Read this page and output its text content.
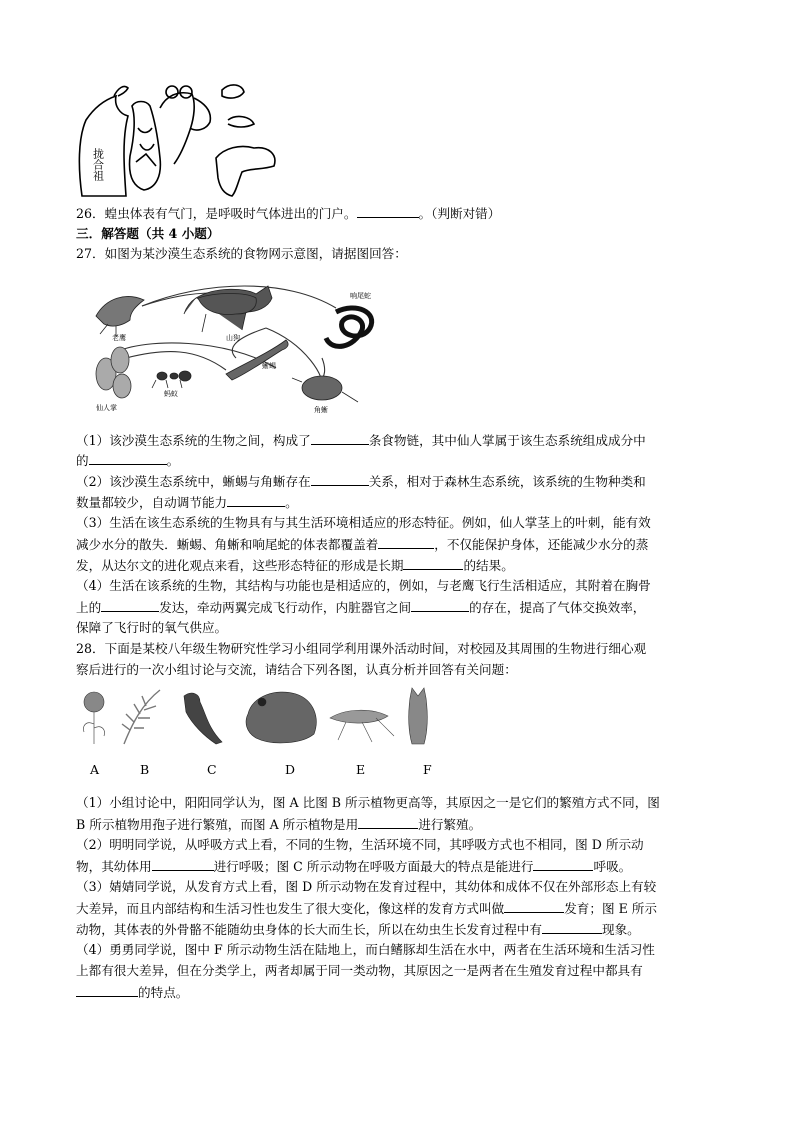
拢合祖
26．蝗虫体表有气门，是呼吸时气体进出的门户。	。（判断对错）
三．解答题（共 4 小题）
27．如图为某沙漠生态系统的食物网示意图，请据图回答：
老鹰	山狗
响尾蛇
仙人掌
蚂蚁
蜥蜴
角蜥
（1）该沙漠生态系统的生物之间，构成了	条食物链，其中仙人掌属于该生态系统组成成分中
的	。
（2）该沙漠生态系统中，蜥蜴与角蜥存在	关系，相对于森林生态系统，该系统的生物种类和
数量都较少，自动调节能力	。
（3）生活在该生态系统的生物具有与其生活环境相适应的形态特征。例如，仙人掌茎上的叶刺，能有效
减少水分的散失．蜥蜴、角蜥和响尾蛇的体表都覆盖着	，不仅能保护身体，还能减少水分的蒸
发，从达尔文的进化观点来看，这些形态特征的形成是长期	的结果。
（4）生活在该系统的生物，其结构与功能也是相适应的，例如，与老鹰飞行生活相适应，其附着在胸骨
上的	发达，牵动两翼完成飞行动作，内脏器官之间	的存在，提高了气体交换效率，
保障了飞行时的氧气供应。
28．下面是某校八年级生物研究性学习小组同学利用课外活动时间，对校园及其周围的生物进行细心观
察后进行的一次小组讨论与交流，请结合下列各图，认真分析并回答有关问题：
A	B	C	D	E	F
（1）小组讨论中，阳阳同学认为，图 A 比图 B 所示植物更高等，其原因之一是它们的繁殖方式不同，图
B 所示植物用孢子进行繁殖，而图 A 所示植物是用	进行繁殖。
（2）明明同学说，从呼吸方式上看，不同的生物，生活环境不同，其呼吸方式也不相同，图 D 所示动
物，其幼体用	进行呼吸；图 C 所示动物在呼吸方面最大的特点是能进行	呼吸。
（3）婧婧同学说，从发育方式上看，图 D 所示动物在发育过程中，其幼体和成体不仅在外部形态上有较
大差异，而且内部结构和生活习性也发生了很大变化，像这样的发育方式叫做	发育；图 E 所示
动物，其体表的外骨骼不能随幼虫身体的长大而生长，所以在幼虫生长发育过程中有	现象。
（4）勇勇同学说，图中 F 所示动物生活在陆地上，而白鳍豚却生活在水中，两者在生活环境和生活习性
上都有很大差异，但在分类学上，两者却属于同一类动物，其原因之一是两者在生殖发育过程中都具有
的特点。
